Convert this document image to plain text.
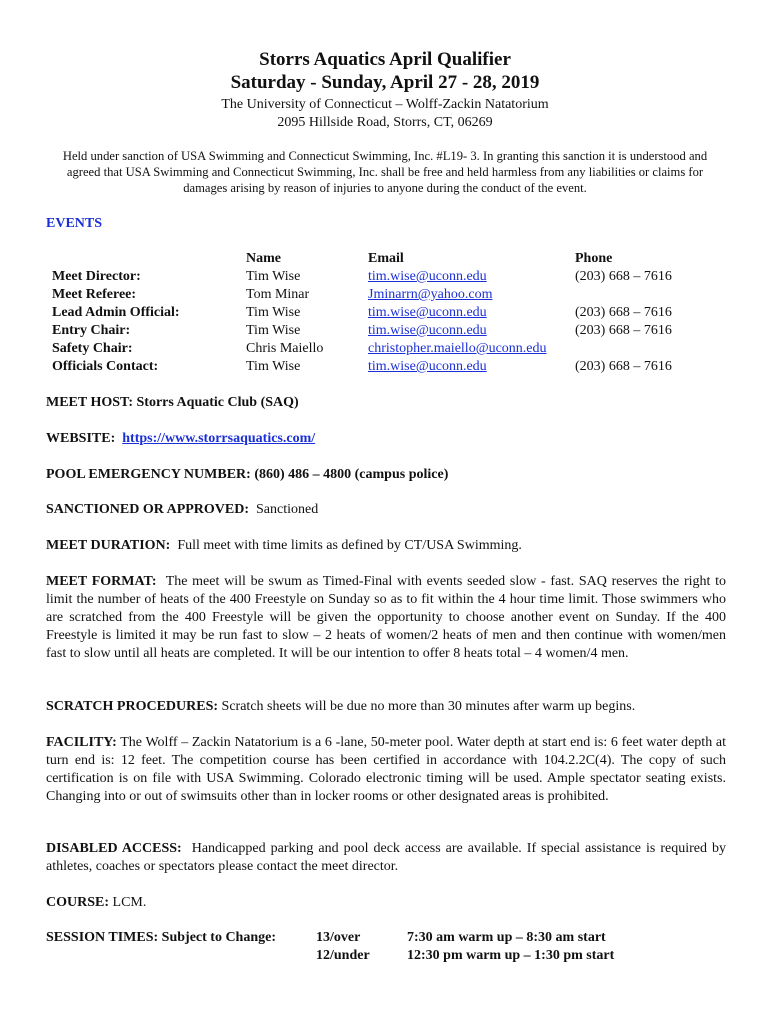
Storrs Aquatics April Qualifier
Saturday - Sunday, April 27 - 28, 2019
The University of Connecticut – Wolff-Zackin Natatorium
2095 Hillside Road, Storrs, CT, 06269
Held under sanction of USA Swimming and Connecticut Swimming, Inc. #L19- 3. In granting this sanction it is understood and agreed that USA Swimming and Connecticut Swimming, Inc. shall be free and held harmless from any liabilities or claims for damages arising by reason of injuries to anyone during the conduct of the event.
EVENTS
	Name	Email	Phone
Meet Director:	Tim Wise	tim.wise@uconn.edu	(203) 668 – 7616
Meet Referee:	Tom Minar	Jminarrn@yahoo.com	
Lead Admin Official:	Tim Wise	tim.wise@uconn.edu	(203) 668 – 7616
Entry Chair:	Tim Wise	tim.wise@uconn.edu	(203) 668 – 7616
Safety Chair:	Chris Maiello	christopher.maiello@uconn.edu	
Officials Contact:	Tim Wise	tim.wise@uconn.edu	(203) 668 – 7616
MEET HOST: Storrs Aquatic Club (SAQ)
WEBSITE: https://www.storrsaquatics.com/
POOL EMERGENCY NUMBER: (860) 486 – 4800 (campus police)
SANCTIONED OR APPROVED: Sanctioned
MEET DURATION: Full meet with time limits as defined by CT/USA Swimming.
MEET FORMAT: The meet will be swum as Timed-Final with events seeded slow - fast. SAQ reserves the right to limit the number of heats of the 400 Freestyle on Sunday so as to fit within the 4 hour time limit. Those swimmers who are scratched from the 400 Freestyle will be given the opportunity to choose another event on Sunday. If the 400 Freestyle is limited it may be run fast to slow – 2 heats of women/2 heats of men and then continue with women/men fast to slow until all heats are completed. It will be our intention to offer 8 heats total – 4 women/4 men.
SCRATCH PROCEDURES: Scratch sheets will be due no more than 30 minutes after warm up begins.
FACILITY: The Wolff – Zackin Natatorium is a 6 -lane, 50-meter pool. Water depth at start end is: 6 feet water depth at turn end is: 12 feet. The competition course has been certified in accordance with 104.2.2C(4). The copy of such certification is on file with USA Swimming. Colorado electronic timing will be used. Ample spectator seating exists. Changing into or out of swimsuits other than in locker rooms or other designated areas is prohibited.
DISABLED ACCESS: Handicapped parking and pool deck access are available. If special assistance is required by athletes, coaches or spectators please contact the meet director.
COURSE: LCM.
SESSION TIMES: Subject to Change:	13/over	7:30 am warm up – 8:30 am start
	12/under	12:30 pm warm up – 1:30 pm start
